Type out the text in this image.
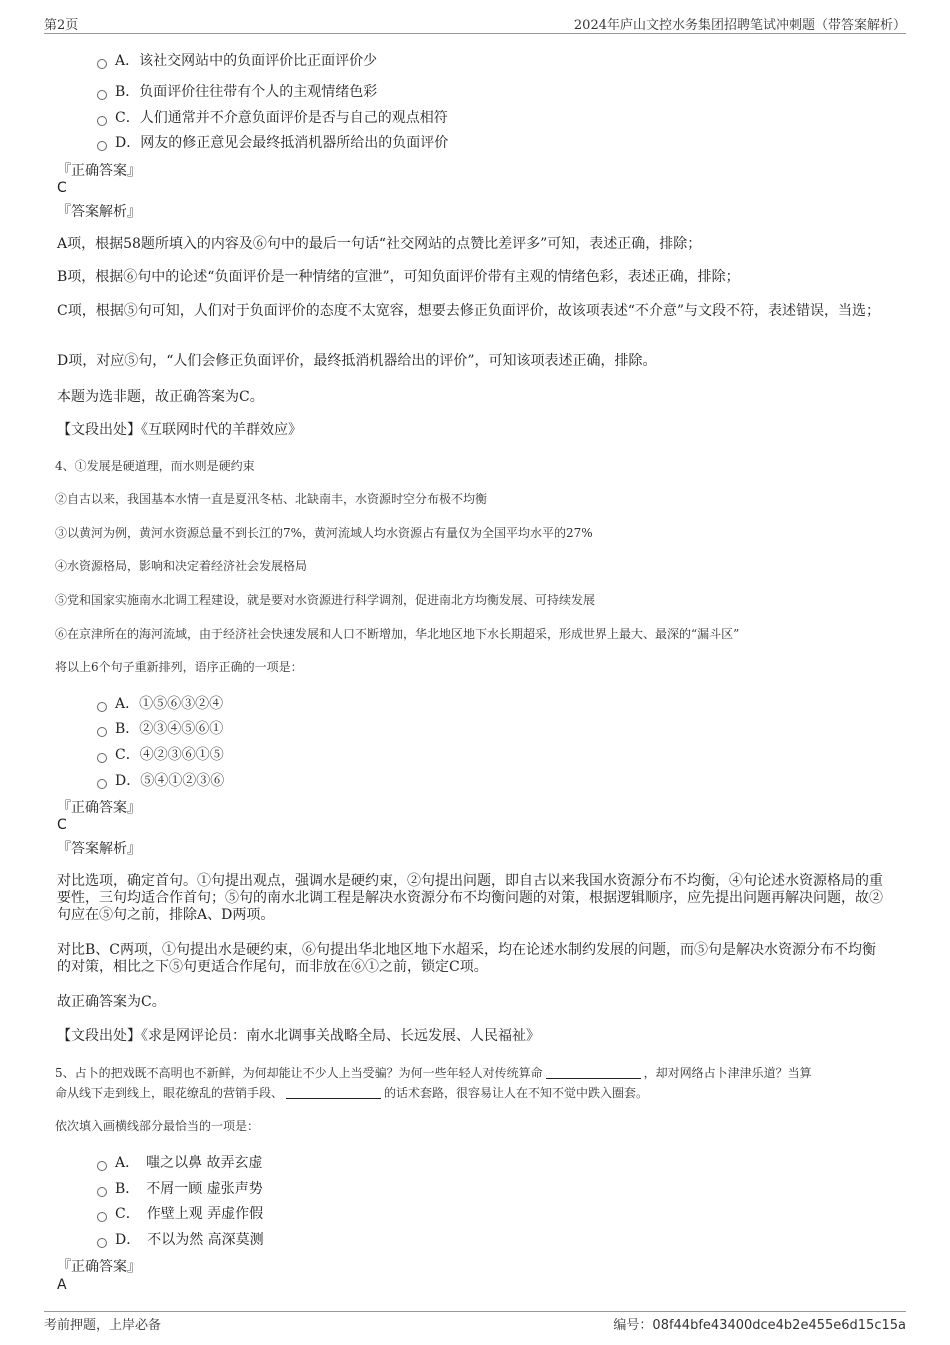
第2页	2024年庐山文控水务集团招聘笔试冲刺题（带答案解析）
A．该社交网站中的负面评价比正面评价少
B．负面评价往往带有个人的主观情绪色彩
C．人们通常并不介意负面评价是否与自己的观点相符
D．网友的修正意见会最终抵消机器所给出的负面评价
『正确答案』
C
『答案解析』
A项，根据58题所填入的内容及⑥句中的最后一句话“社交网站的点赞比差评多”可知，表述正确，排除；
B项，根据⑥句中的论述“负面评价是一种情绪的宣泄”，可知负面评价带有主观的情绪色彩，表述正确，排除；
C项，根据⑤句可知，人们对于负面评价的态度不太宽容，想要去修正负面评价，故该项表述“不介意”与文段不符，表述错误，当选；
D项，对应⑤句，“人们会修正负面评价，最终抵消机器给出的评价”，可知该项表述正确，排除。
本题为选非题，故正确答案为C。
【文段出处】《互联网时代的羊群效应》
4、①发展是硬道理，而水则是硬约束
②自古以来，我国基本水情一直是夏汛冬枯、北缺南丰，水资源时空分布极不均衡
③以黄河为例，黄河水资源总量不到长江的7%，黄河流域人均水资源占有量仅为全国平均水平的27%
④水资源格局，影响和决定着经济社会发展格局
⑤党和国家实施南水北调工程建设，就是要对水资源进行科学调剂，促进南北方均衡发展、可持续发展
⑥在京津所在的海河流域，由于经济社会快速发展和人口不断增加，华北地区地下水长期超采，形成世界上最大、最深的“漏斗区”
将以上6个句子重新排列，语序正确的一项是：
A．①⑤⑥③②④
B．②③④⑤⑥①
C．④②③⑥①⑤
D．⑤④①②③⑥
『正确答案』
C
『答案解析』
对比选项，确定首句。①句提出观点，强调水是硬约束，②句提出问题，即自古以来我国水资源分布不均衡，④句论述水资源格局的重要性，三句均适合作首句；⑤句的南水北调工程是解决水资源分布不均衡问题的对策，根据逻辑顺序，应先提出问题再解决问题，故②句应在⑤句之前，排除A、D两项。
对比B、C两项，①句提出水是硬约束，⑥句提出华北地区地下水超采，均在论述水制约发展的问题，而⑤句是解决水资源分布不均衡的对策，相比之下⑤句更适合作尾句，而非放在⑥①之前，锁定C项。
故正确答案为C。
【文段出处】《求是网评论员：南水北调事关战略全局、长远发展、人民福祉》
5、占卜的把戏既不高明也不新鲜，为何却能让不少人上当受骗？为何一些年轻人对传统算命	，却对网络占卜津津乐道？当算
命从线下走到线上，眼花缭乱的营销手段、	的话术套路，很容易让人在不知不觉中跌入圈套。
依次填入画横线部分最恰当的一项是：
A．　嗤之以鼻 故弄玄虚
B．　不屑一顾 虚张声势
C．　作壁上观 弄虚作假
D．　不以为然 高深莫测
『正确答案』
A
考前押题，上岸必备	编号：08f44bfe43400dce4b2e455e6d15c15a
